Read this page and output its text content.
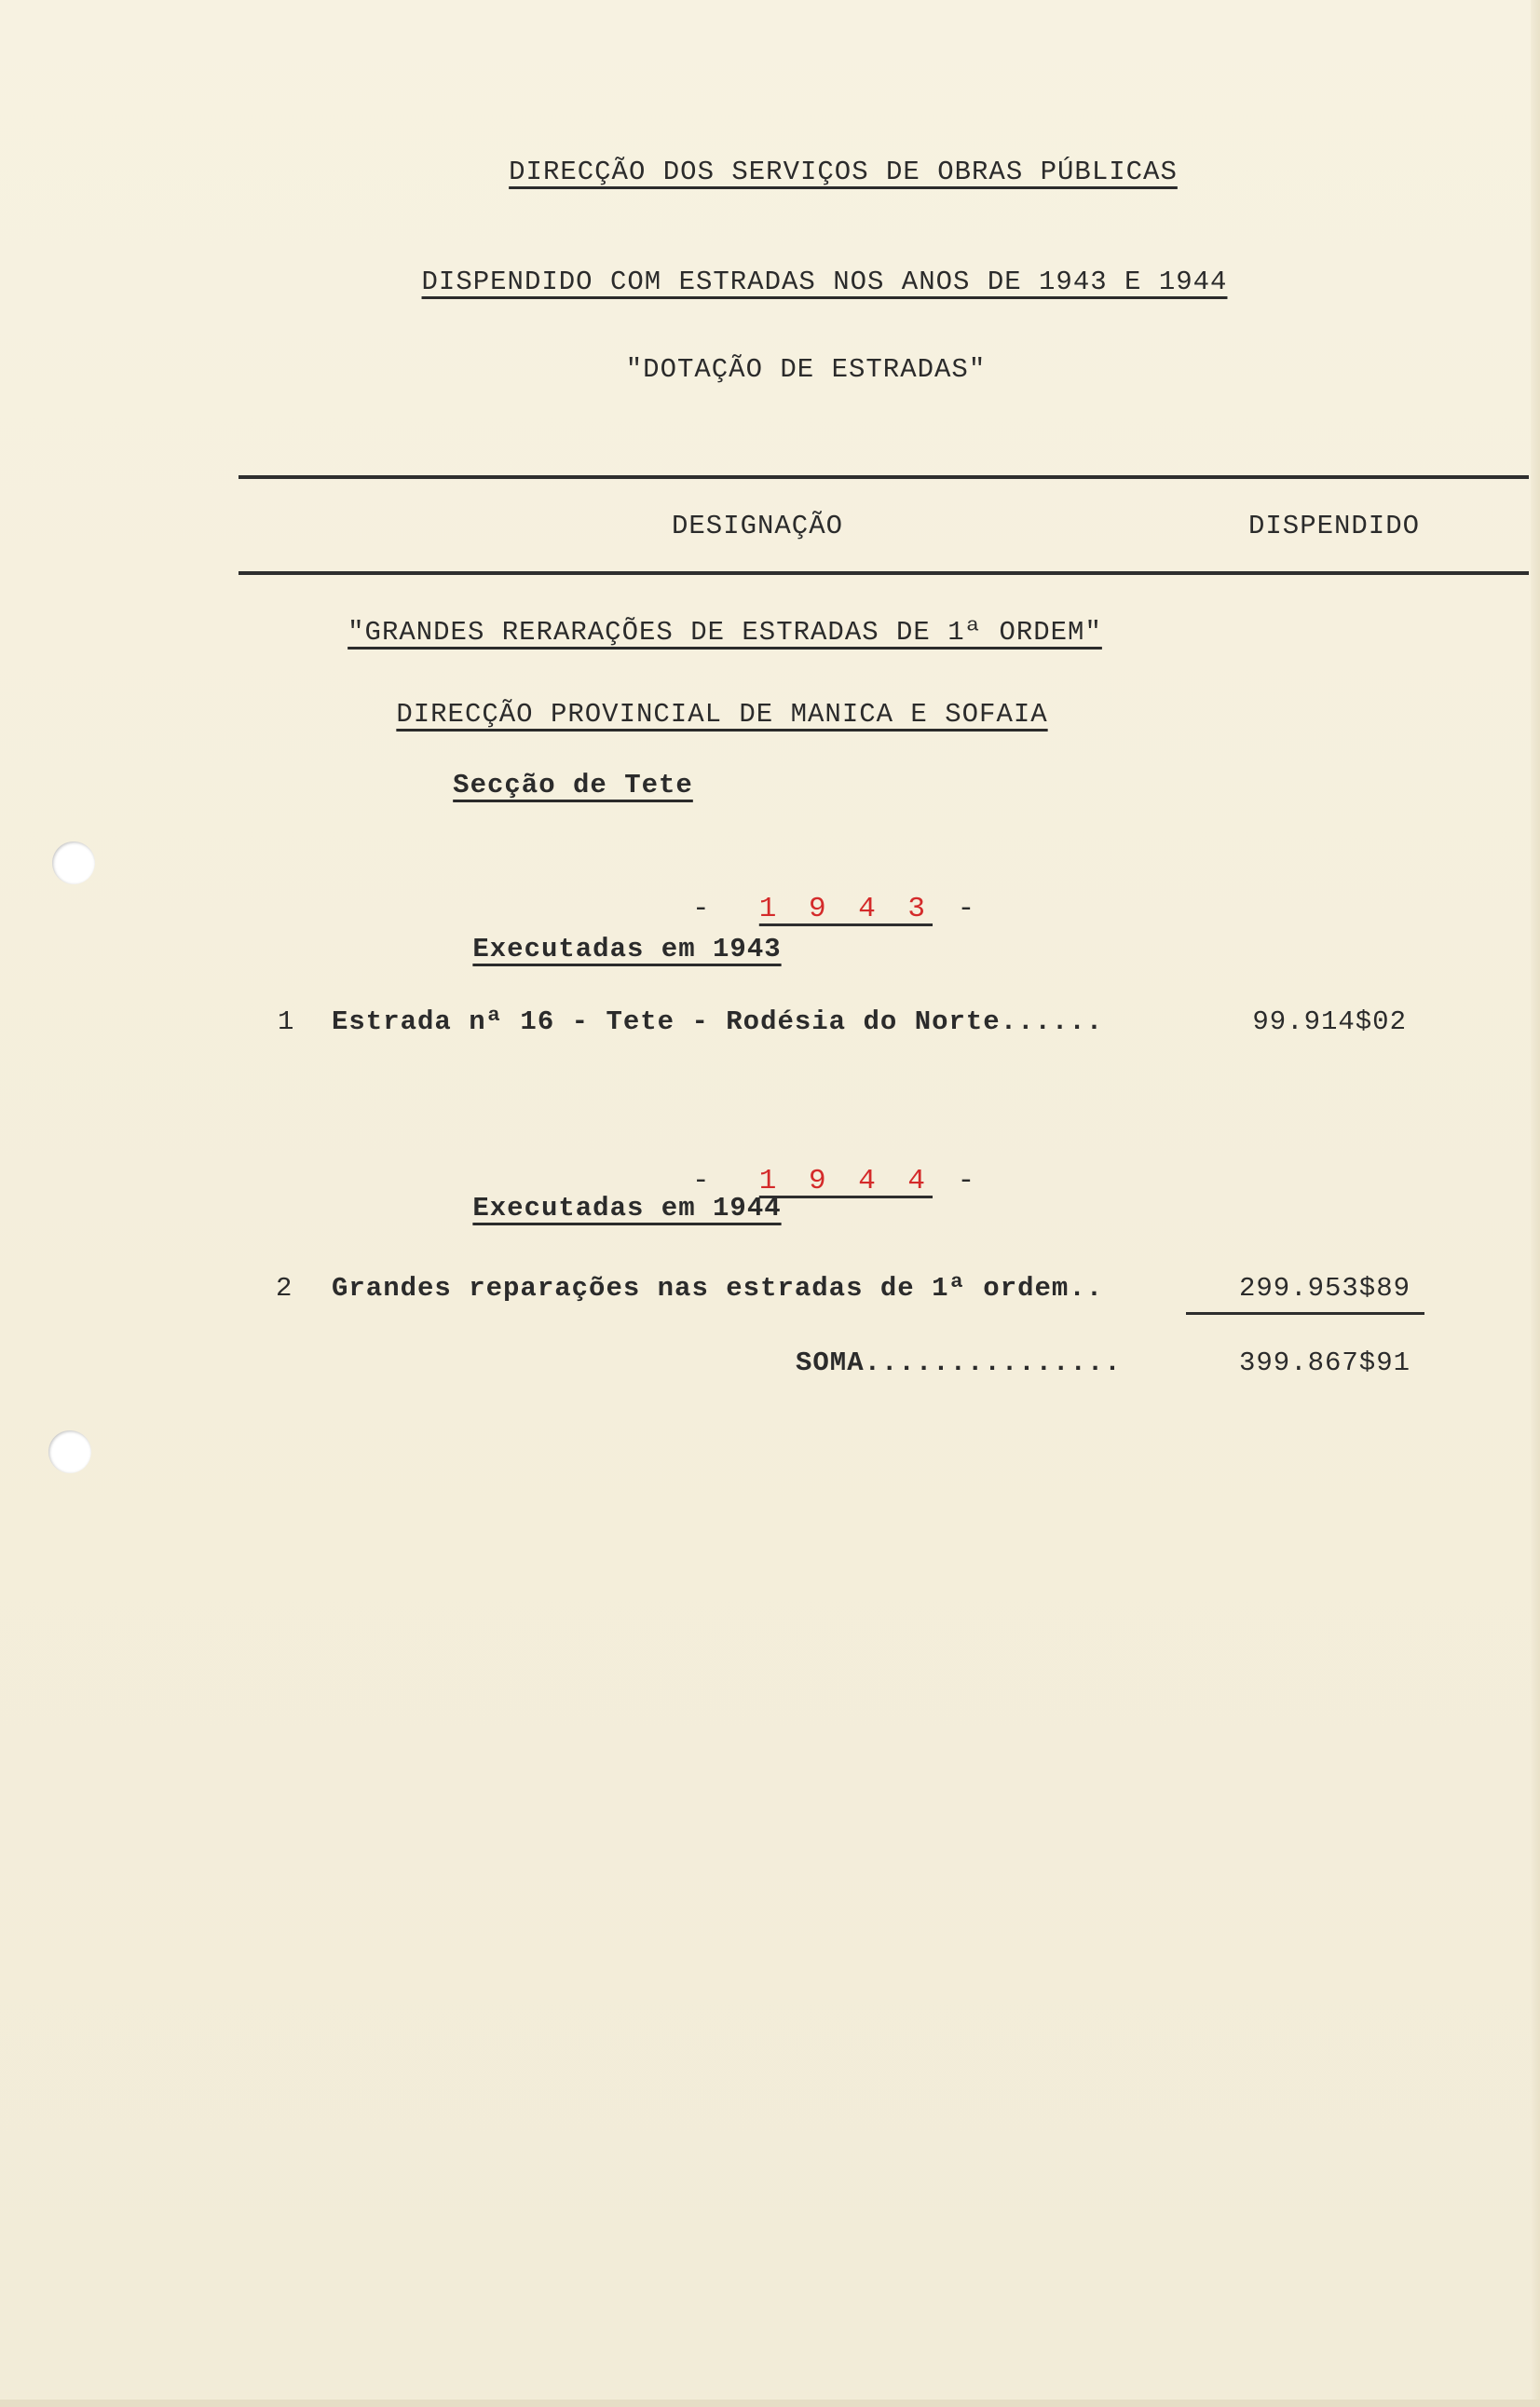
DIRECÇÃO DOS SERVIÇOS DE OBRAS PÚBLICAS
DISPENDIDO COM ESTRADAS NOS ANOS DE 1943 E 1944
"DOTAÇÃO DE ESTRADAS"
DESIGNAÇÃO	DISPENDIDO
"GRANDES RERARAÇÕES DE ESTRADAS DE 1ª ORDEM"
DIRECÇÃO PROVINCIAL DE MANICA E SOFAIA
Secção de Tete

- 1 9 4 3 -

Executadas em 1943
1 Estrada nª 16 - Tete - Rodésia do Norte......	99.914$02

- 1 9 4 4 -

Executadas em 1944
2 Grandes reparações nas estradas de 1ª ordem..	299.953$89
SOMA...............	399.867$91
